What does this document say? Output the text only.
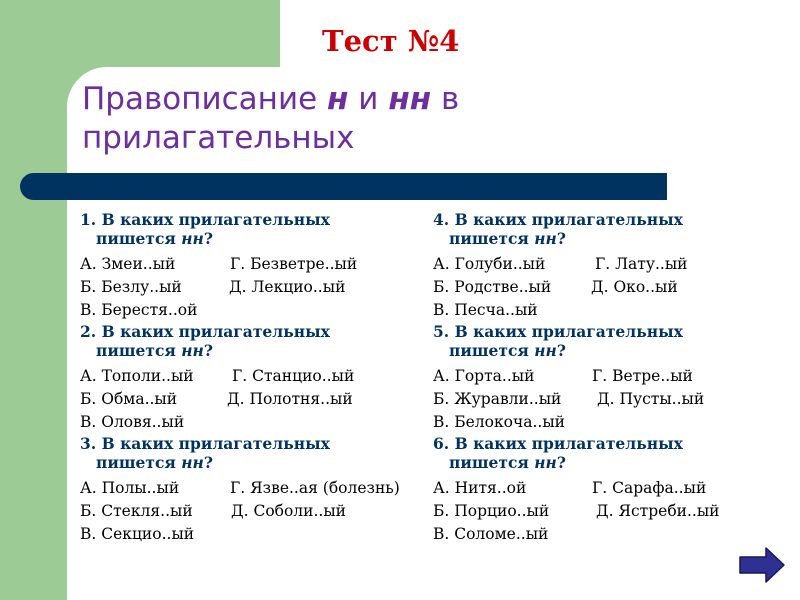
Тест №4
Правописание н и нн в
прилагательных
1. В каких прилагательных
пишется нн?
А. Змеи..ый	Г. Безветре..ый
Б. Безлу..ый	Д. Лекцио..ый
В. Берестя..ой
2. В каких прилагательных
пишется нн?
А. Тополи..ый Г. Станцио..ый
Б. Обма..ый	Д. Полотня..ый
В. Оловя..ый
3. В каких прилагательных
пишется нн?
А. Полы..ый	Г. Язве..ая (болезнь)
Б. Стекля..ый Д. Соболи..ый
В. Секцио..ый
4. В каких прилагательных
пишется нн?
А. Голуби..ый	Г. Лату..ый
Б. Родстве..ый	Д. Око..ый
В. Песча..ый
5. В каких прилагательных
пишется нн?
А. Горта..ый	Г. Ветре..ый
Б. Журавли..ый Д. Пусты..ый
В. Белокоча..ый
6. В каких прилагательных
пишется нн?
А. Нитя..ой	Г. Сарафа..ый
Б. Порцио..ый	Д. Ястреби..ый
В. Соломе..ый
